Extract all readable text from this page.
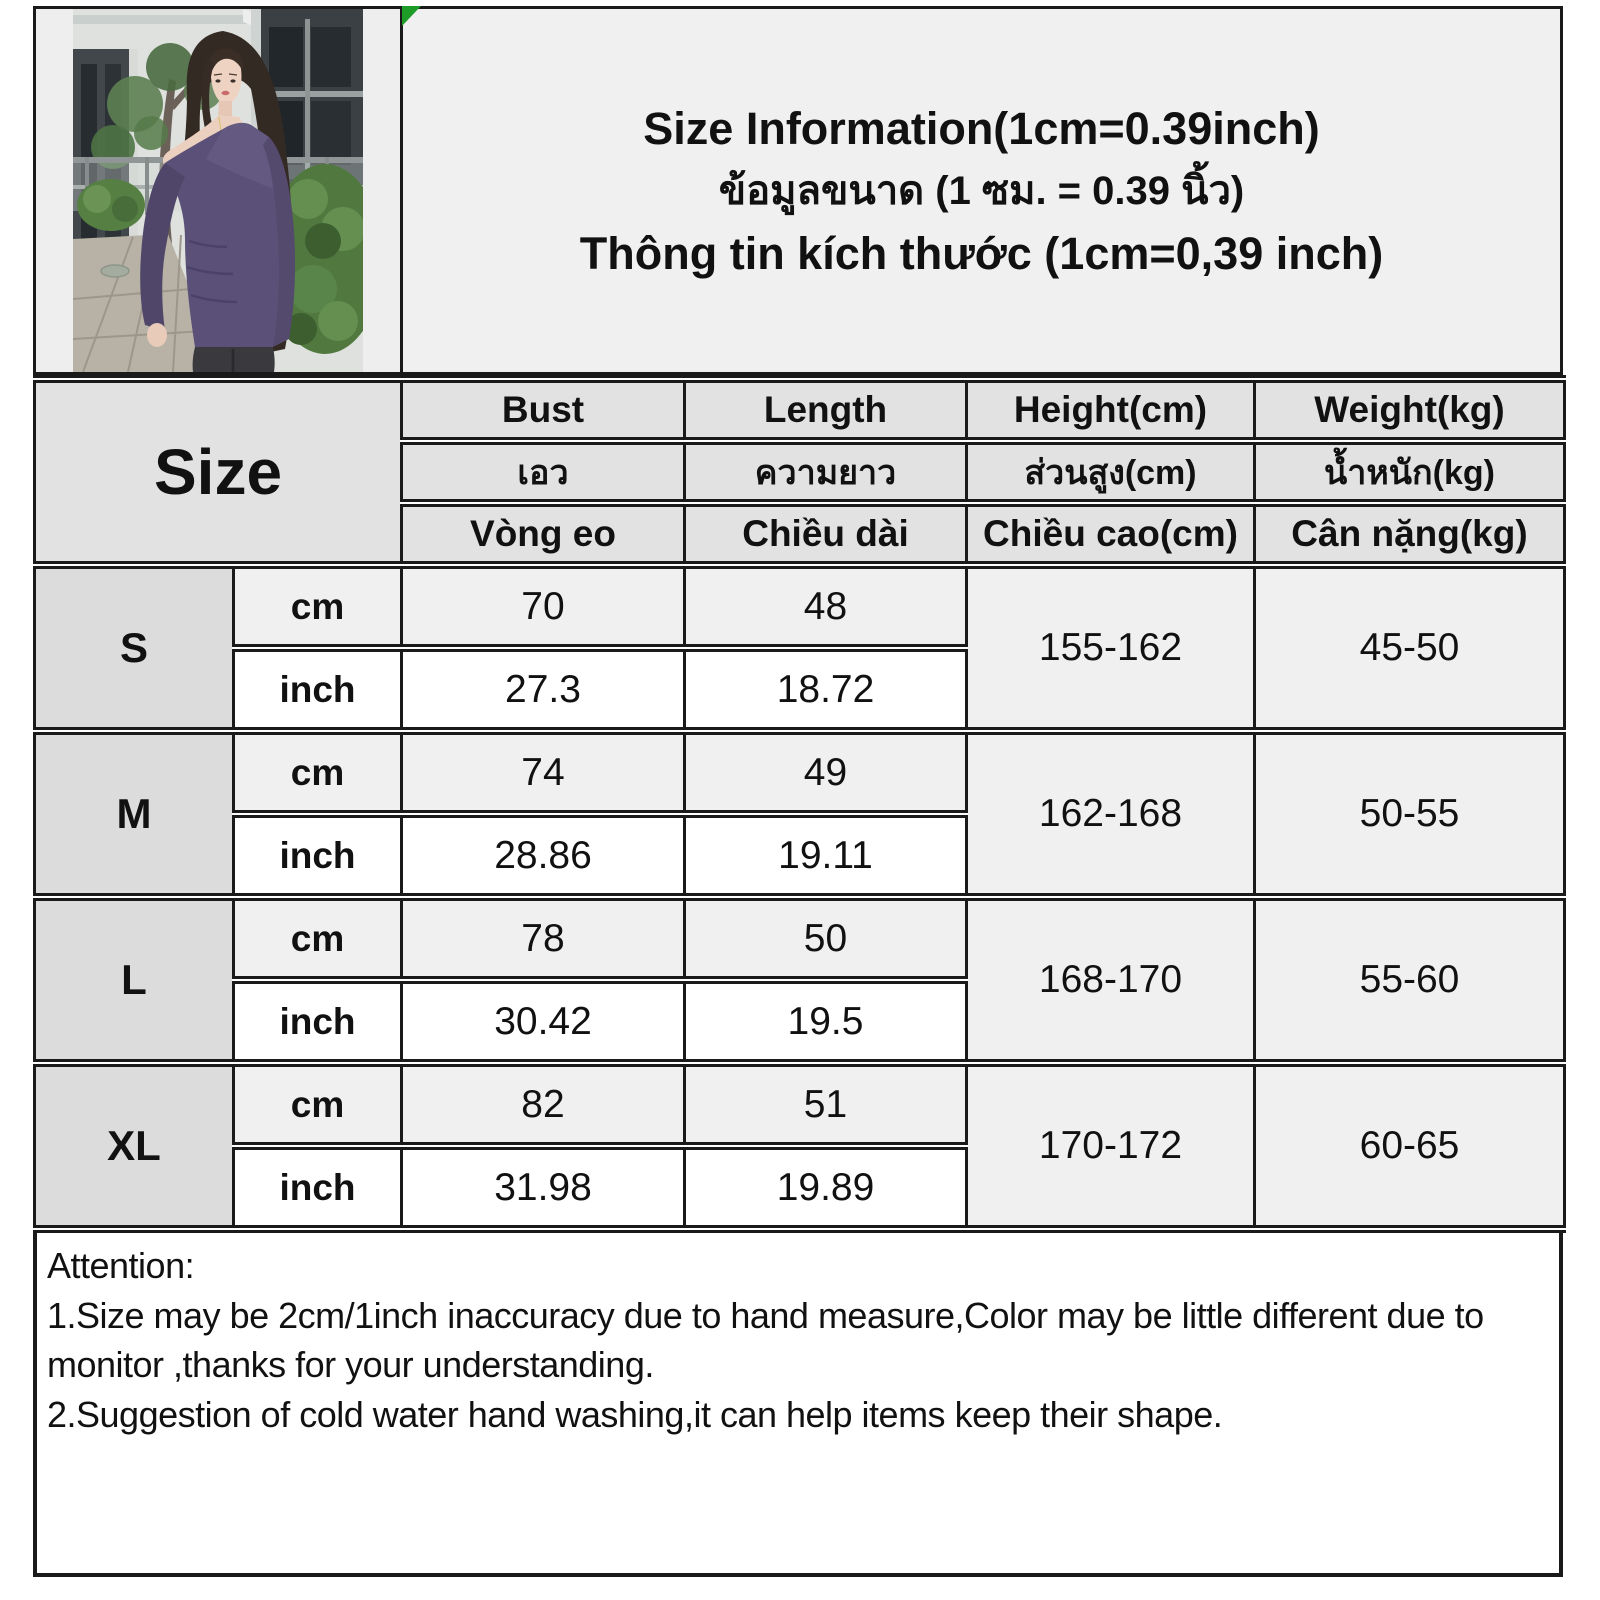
Size Information(1cm=0.39inch)
ข้อมูลขนาด (1 ซม. = 0.39 นิ้ว)
Thông tin kích thước (1cm=0,39 inch)
Size		Bust	Length	Height(cm)	Weight(kg)
		เอว	ความยาว	ส่วนสูง(cm)	น้ำหนัก(kg)
		Vòng eo	Chiều dài	Chiều cao(cm)	Cân nặng(kg)
S	cm	70	48	155-162	45-50
	inch	27.3	18.72		
M	cm	74	49	162-168	50-55
	inch	28.86	19.11		
L	cm	78	50	168-170	55-60
	inch	30.42	19.5		
XL	cm	82	51	170-172	60-65
	inch	31.98	19.89		
Attention:
1.Size may be 2cm/1inch inaccuracy due to hand measure,Color may be little different due to monitor ,thanks for your understanding.
2.Suggestion of cold water hand washing,it can help items keep their shape.
